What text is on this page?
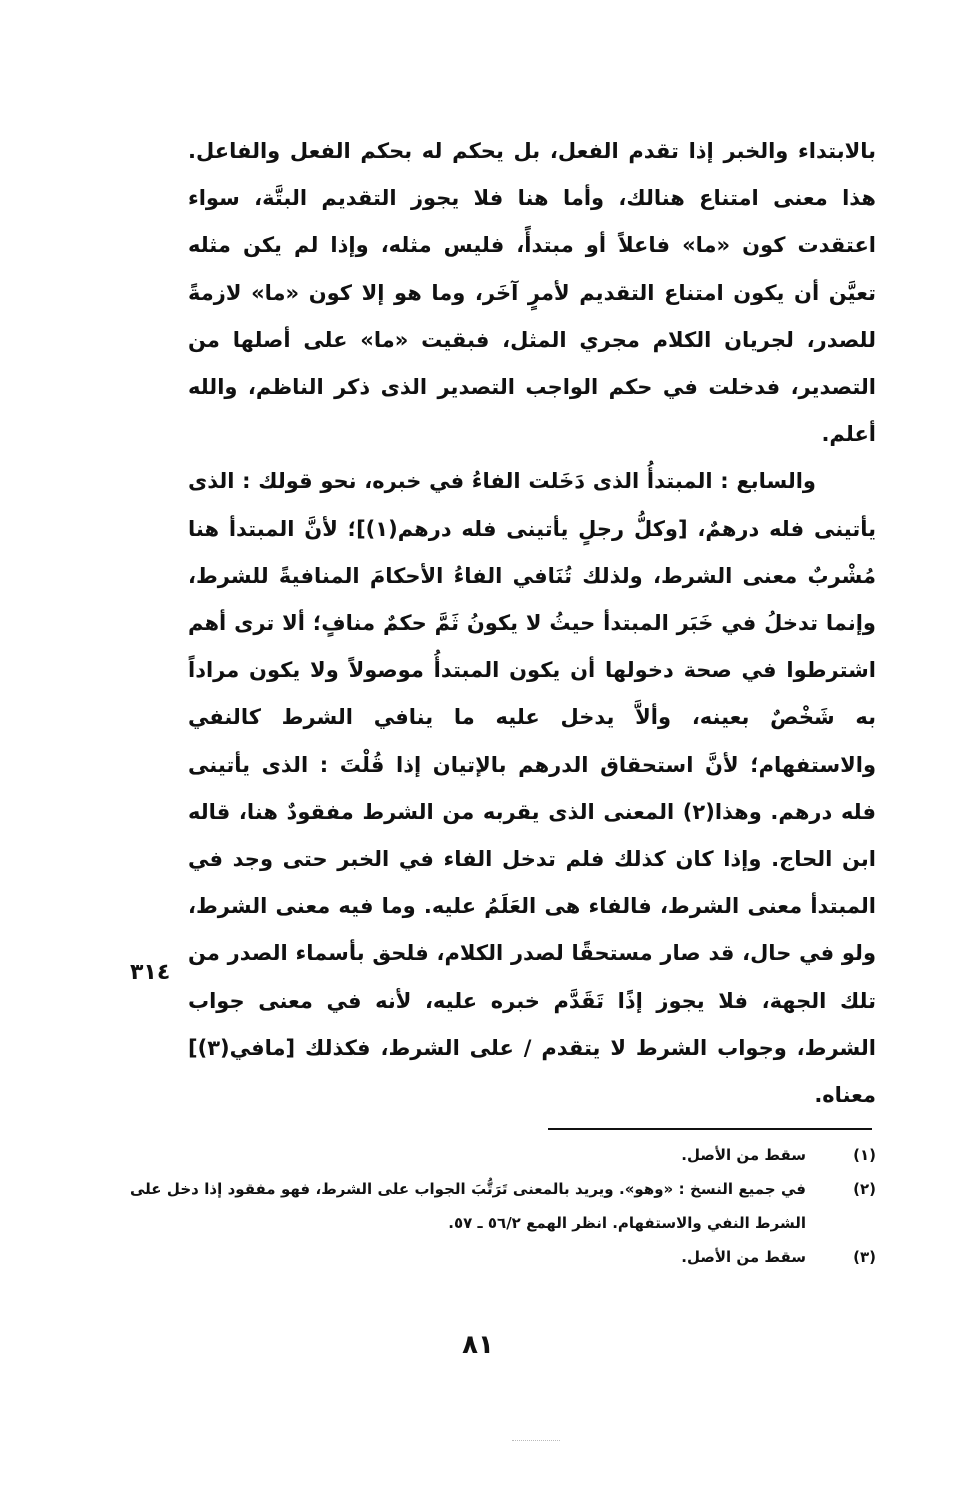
بالابتداء والخبر إذا تقدم الفعل، بل يحكم له بحكم الفعل والفاعل. هذا معنى امتناع هنالك، وأما هنا فلا يجوز التقديم البتَّة، سواء اعتقدت كون «ما» فاعلاً أو مبتدأً، فليس مثله، وإذا لم يكن مثله تعيَّن أن يكون امتناع التقديم لأمرٍ آخَر، وما هو إلا كون «ما» لازمةً للصدر، لجريان الكلام مجري المثل، فبقيت «ما» على أصلها من التصدير، فدخلت في حكم الواجب التصدير الذى ذكر الناظم، والله أعلم.

والسابع : المبتدأُ الذى دَخَلت الفاءُ في خبره، نحو قولك : الذى يأتينى فله درهمٌ، [وكلُّ رجلٍ يأتينى فله درهم(١)]؛ لأنَّ المبتدأ هنا مُشْربٌ معنى الشرط، ولذلك تُنَافي الفاءُ الأحكامَ المنافيةً للشرط، وإنما تدخلُ في خَبَر المبتدأ حيثُ لا يكونُ ثَمَّ حكمٌ منافٍ؛ ألا ترى أهم اشترطوا في صحة دخولها أن يكون المبتدأُ موصولاً ولا يكون مراداً به شَخْصٌ بعينه، وألاَّ يدخل عليه ما ينافي الشرط كالنفي والاستفهام؛ لأنَّ استحقاق الدرهم بالإتيان إذا قُلْتَ : الذى يأتينى فله درهم. وهذا(٢) المعنى الذى يقربه من الشرط مفقودٌ هنا، قاله ابن الحاج. وإذا كان كذلك فلم تدخل الفاء في الخبر حتى وجد في المبتدأ معنى الشرط، فالفاء هى العَلَمُ عليه. وما فيه معنى الشرط، ولو في حال، قد صار مستحقًا لصدر الكلام، فلحق بأسماء الصدر من تلك الجهة، فلا يجوز إذًا تَقَدَّم خبره عليه، لأنه في معنى جواب الشرط، وجواب الشرط لا يتقدم / على الشرط، فكذلك [مافي(٣)] معناه.

٣١٤
(١)
سقط من الأصل.
(٢)
في جميع النسخ : «وهو». ويريد بالمعنى تَرَتُّبَ الجواب على الشرط، فهو مفقود إذا دخل على الشرط النفي والاستفهام. انظر الهمع ٥٦/٢ ـ ٥٧.
(٣)
سقط من الأصل.
٨١
